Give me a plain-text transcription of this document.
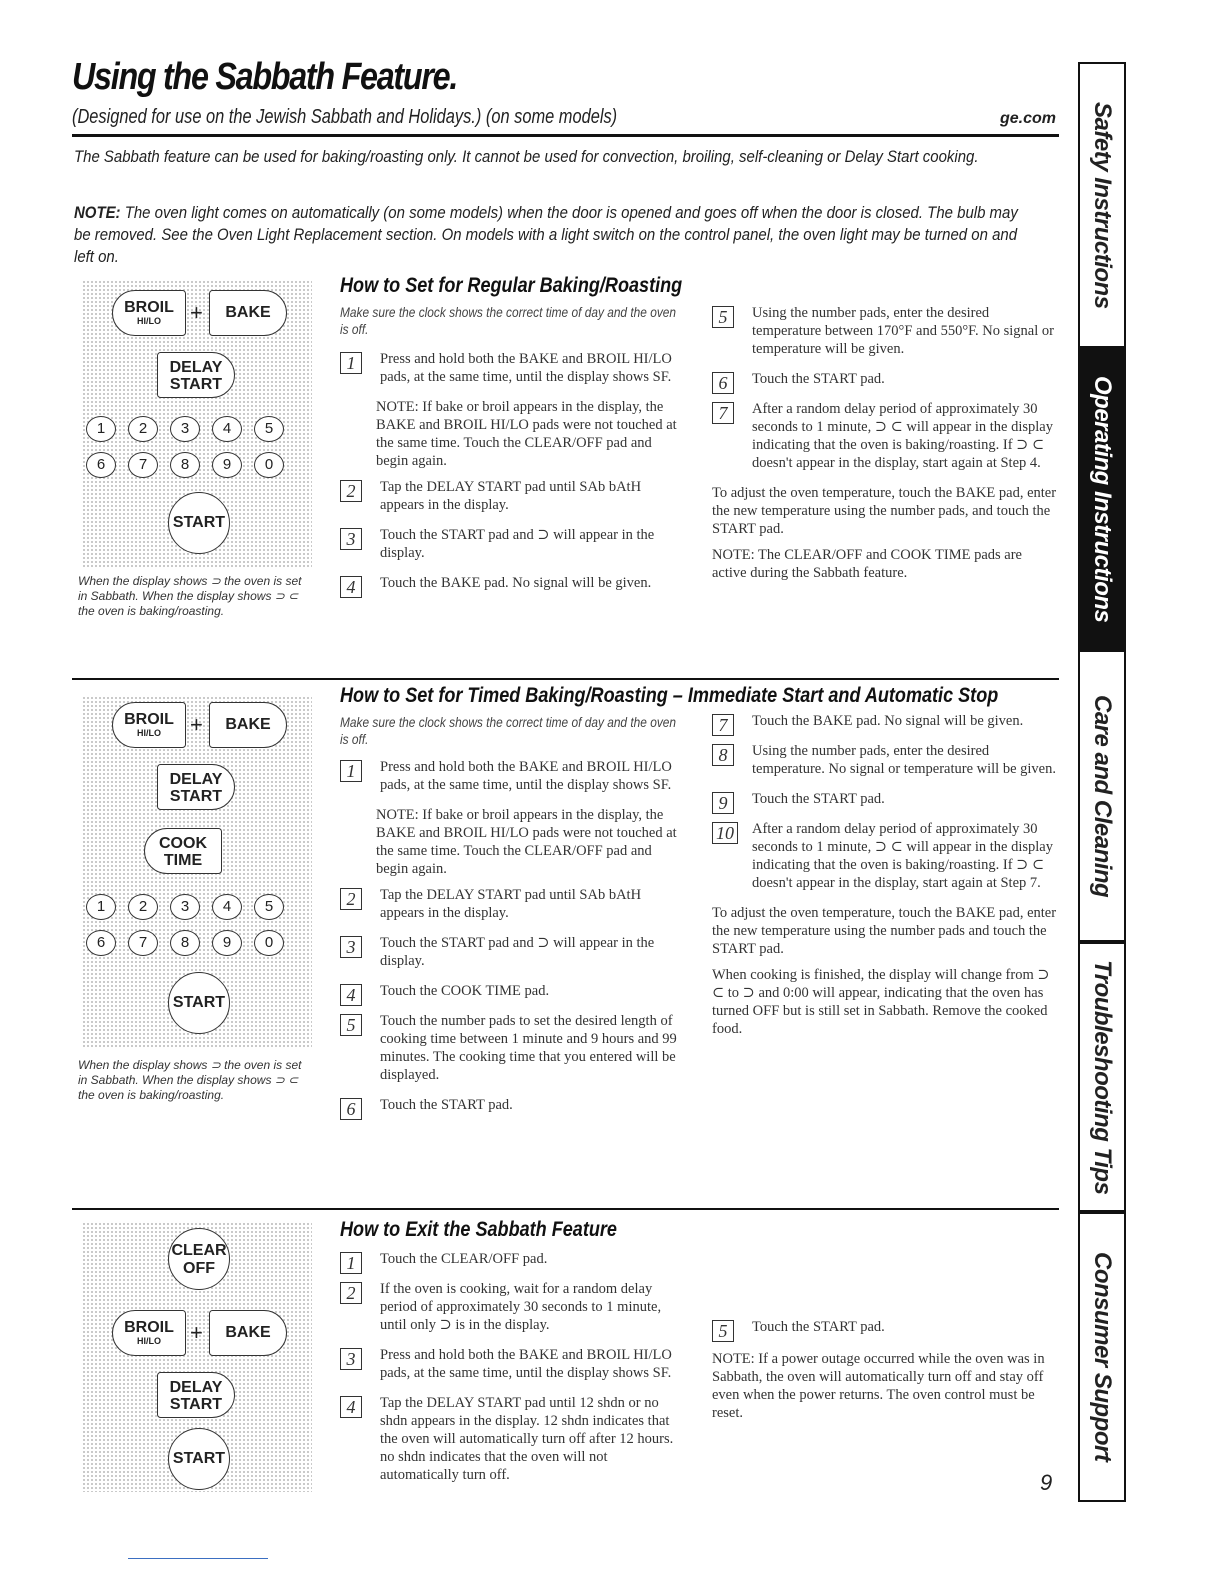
Using the Sabbath Feature.
(Designed for use on the Jewish Sabbath and Holidays.) (on some models)	ge.com
The Sabbath feature can be used for baking/roasting only. It cannot be used for convection, broiling, self-cleaning or Delay Start cooking.
NOTE: The oven light comes on automatically (on some models) when the door is opened and goes off when the door is closed. The bulb may be removed. See the Oven Light Replacement section. On models with a light switch on the control panel, the oven light may be turned on and left on.	Safety Instructions
Operating Instructions
Care and Cleaning
Troubleshooting Tips
Consumer Support
BROIL
HI/LO	+	BAKE
DELAY
START
1	2	3	4	5
6	7	8	9	0
START
When the display shows ⊃ the oven is set in Sabbath. When the display shows ⊃ ⊂ the oven is baking/roasting.
How to Set for Regular Baking/Roasting
Make sure the clock shows the correct time of day and the oven is off.
1	Press and hold both the BAKE and BROIL HI/LO pads, at the same time, until the display shows SF.
NOTE: If bake or broil appears in the display, the BAKE and BROIL HI/LO pads were not touched at the same time. Touch the CLEAR/OFF pad and begin again.
2	Tap the DELAY START pad until SAb bAtH appears in the display.
3	Touch the START pad and ⊃ will appear in the display.
4	Touch the BAKE pad. No signal will be given.
5	Using the number pads, enter the desired temperature between 170°F and 550°F. No signal or temperature will be given.
6	Touch the START pad.
7	After a random delay period of approximately 30 seconds to 1 minute, ⊃ ⊂ will appear in the display indicating that the oven is baking/roasting. If ⊃ ⊂ doesn't appear in the display, start again at Step 4.
To adjust the oven temperature, touch the BAKE pad, enter the new temperature using the number pads, and touch the START pad.
NOTE: The CLEAR/OFF and COOK TIME pads are active during the Sabbath feature.
BROIL
HI/LO	+	BAKE
DELAY
START
COOK
TIME
1	2	3	4	5
6	7	8	9	0
START
When the display shows ⊃ the oven is set in Sabbath. When the display shows ⊃ ⊂ the oven is baking/roasting.
How to Set for Timed Baking/Roasting – Immediate Start and Automatic Stop
Make sure the clock shows the correct time of day and the oven is off.
1	Press and hold both the BAKE and BROIL HI/LO pads, at the same time, until the display shows SF.
NOTE: If bake or broil appears in the display, the BAKE and BROIL HI/LO pads were not touched at the same time. Touch the CLEAR/OFF pad and begin again.
2	Tap the DELAY START pad until SAb bAtH appears in the display.
3	Touch the START pad and ⊃ will appear in the display.
4	Touch the COOK TIME pad.
5	Touch the number pads to set the desired length of cooking time between 1 minute and 9 hours and 99 minutes. The cooking time that you entered will be displayed.
6	Touch the START pad.
7	Touch the BAKE pad. No signal will be given.
8	Using the number pads, enter the desired temperature. No signal or temperature will be given.
9	Touch the START pad.
10 After a random delay period of approximately 30 seconds to 1 minute, ⊃ ⊂ will appear in the display indicating that the oven is baking/roasting. If ⊃ ⊂ doesn't appear in the display, start again at Step 7.
To adjust the oven temperature, touch the BAKE pad, enter the new temperature using the number pads and touch the START pad.
When cooking is finished, the display will change from ⊃ ⊂ to ⊃ and 0:00 will appear, indicating that the oven has turned OFF but is still set in Sabbath. Remove the cooked food.
CLEAR
OFF
BROIL
HI/LO	+	BAKE
DELAY
START
START
How to Exit the Sabbath Feature
1	Touch the CLEAR/OFF pad.
2	If the oven is cooking, wait for a random delay period of approximately 30 seconds to 1 minute, until only ⊃ is in the display.
3	Press and hold both the BAKE and BROIL HI/LO pads, at the same time, until the display shows SF.
4	Tap the DELAY START pad until 12 shdn or no shdn appears in the display. 12 shdn indicates that the oven will automatically turn off after 12 hours. no shdn indicates that the oven will not automatically turn off.
5	Touch the START pad.
NOTE: If a power outage occurred while the oven was in Sabbath, the oven will automatically turn off and stay off even when the power returns. The oven control must be reset.
9
